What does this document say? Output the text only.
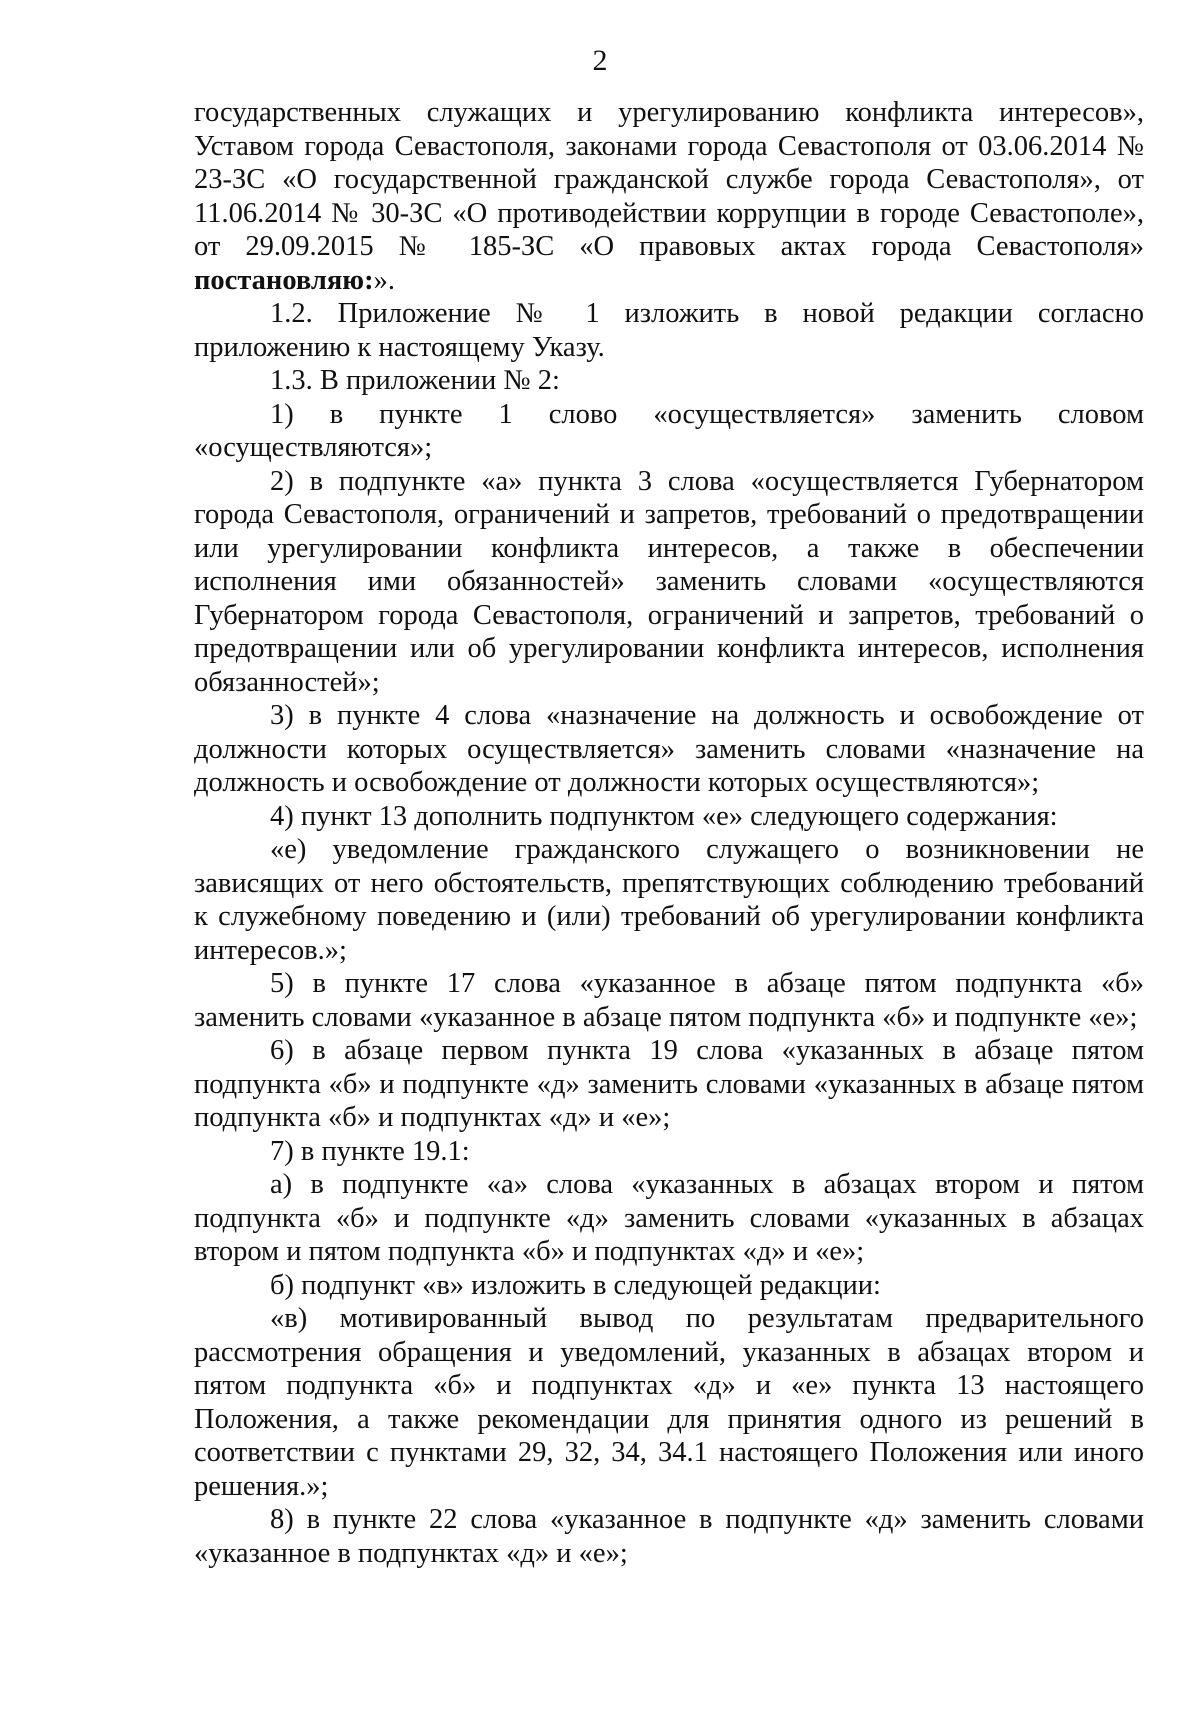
2

государственных служащих и урегулированию конфликта интересов», Уставом города Севастополя, законами города Севастополя от 03.06.2014 № 23-ЗС «О государственной гражданской службе города Севастополя», от 11.06.2014 № 30-ЗС «О противодействии коррупции в городе Севастополе», от 29.09.2015 № 185-ЗС «О правовых актах города Севастополя» постановляю:».

1.2. Приложение № 1 изложить в новой редакции согласно приложению к настоящему Указу.

1.3. В приложении № 2:

1) в пункте 1 слово «осуществляется» заменить словом «осуществляются»;

2) в подпункте «а» пункта 3 слова «осуществляется Губернатором города Севастополя, ограничений и запретов, требований о предотвращении или урегулировании конфликта интересов, а также в обеспечении исполнения ими обязанностей» заменить словами «осуществляются Губернатором города Севастополя, ограничений и запретов, требований о предотвращении или об урегулировании конфликта интересов, исполнения обязанностей»;

3) в пункте 4 слова «назначение на должность и освобождение от должности которых осуществляется» заменить словами «назначение на должность и освобождение от должности которых осуществляются»;

4) пункт 13 дополнить подпунктом «е» следующего содержания:

«е) уведомление гражданского служащего о возникновении не зависящих от него обстоятельств, препятствующих соблюдению требований к служебному поведению и (или) требований об урегулировании конфликта интересов.»;

5) в пункте 17 слова «указанное в абзаце пятом подпункта «б» заменить словами «указанное в абзаце пятом подпункта «б» и подпункте «е»;

6) в абзаце первом пункта 19 слова «указанных в абзаце пятом подпункта «б» и подпункте «д» заменить словами «указанных в абзаце пятом подпункта «б» и подпунктах «д» и «е»;

7) в пункте 19.1:

а) в подпункте «а» слова «указанных в абзацах втором и пятом подпункта «б» и подпункте «д» заменить словами «указанных в абзацах втором и пятом подпункта «б» и подпунктах «д» и «е»;

б) подпункт «в» изложить в следующей редакции:

«в) мотивированный вывод по результатам предварительного рассмотрения обращения и уведомлений, указанных в абзацах втором и пятом подпункта «б» и подпунктах «д» и «е» пункта 13 настоящего Положения, а также рекомендации для принятия одного из решений в соответствии с пунктами 29, 32, 34, 34.1 настоящего Положения или иного решения.»;

8) в пункте 22 слова «указанное в подпункте «д» заменить словами «указанное в подпунктах «д» и «е»;
